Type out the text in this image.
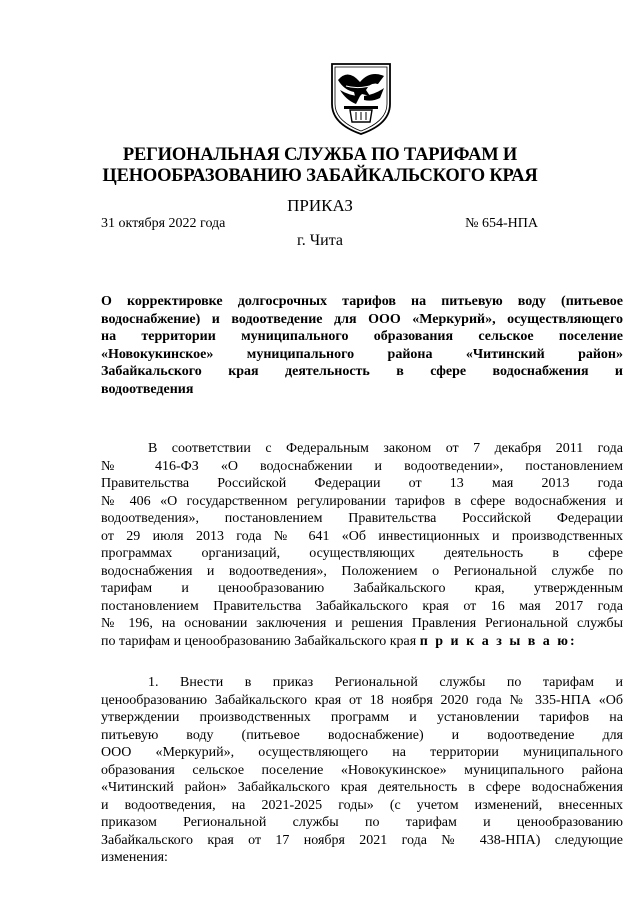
РЕГИОНАЛЬНАЯ СЛУЖБА ПО ТАРИФАМ И
ЦЕНООБРАЗОВАНИЮ ЗАБАЙКАЛЬСКОГО КРАЯ
ПРИКАЗ
31 октября 2022 года	№ 654-НПА
г. Чита
О корректировке долгосрочных тарифов на питьевую воду (питьевое
водоснабжение) и водоотведение для ООО «Меркурий», осуществляющего
на территории муниципального образования сельское поселение
«Новокукинское» муниципального района «Читинский район»
Забайкальского края деятельность в сфере водоснабжения и
водоотведения
В соответствии с Федеральным законом от 7 декабря 2011 года
№ 416-ФЗ «О водоснабжении и водоотведении», постановлением
Правительства Российской Федерации от 13 мая 2013 года
№ 406 «О государственном регулировании тарифов в сфере водоснабжения и
водоотведения», постановлением Правительства Российской Федерации
от 29 июля 2013 года № 641 «Об инвестиционных и производственных
программах организаций, осуществляющих деятельность в сфере
водоснабжения и водоотведения», Положением о Региональной службе по
тарифам и ценообразованию Забайкальского края, утвержденным
постановлением Правительства Забайкальского края от 16 мая 2017 года
№ 196, на основании заключения и решения Правления Региональной службы
по тарифам и ценообразованию Забайкальского края п р и к а з ы в а ю:
1. Внести в приказ Региональной службы по тарифам и
ценообразованию Забайкальского края от 18 ноября 2020 года № 335-НПА «Об
утверждении производственных программ и установлении тарифов на
питьевую воду (питьевое водоснабжение) и водоотведение для
ООО «Меркурий», осуществляющего на территории муниципального
образования сельское поселение «Новокукинское» муниципального района
«Читинский район» Забайкальского края деятельность в сфере водоснабжения
и водоотведения, на 2021-2025 годы» (с учетом изменений, внесенных
приказом Региональной службы по тарифам и ценообразованию
Забайкальского края от 17 ноября 2021 года № 438-НПА) следующие
изменения:
